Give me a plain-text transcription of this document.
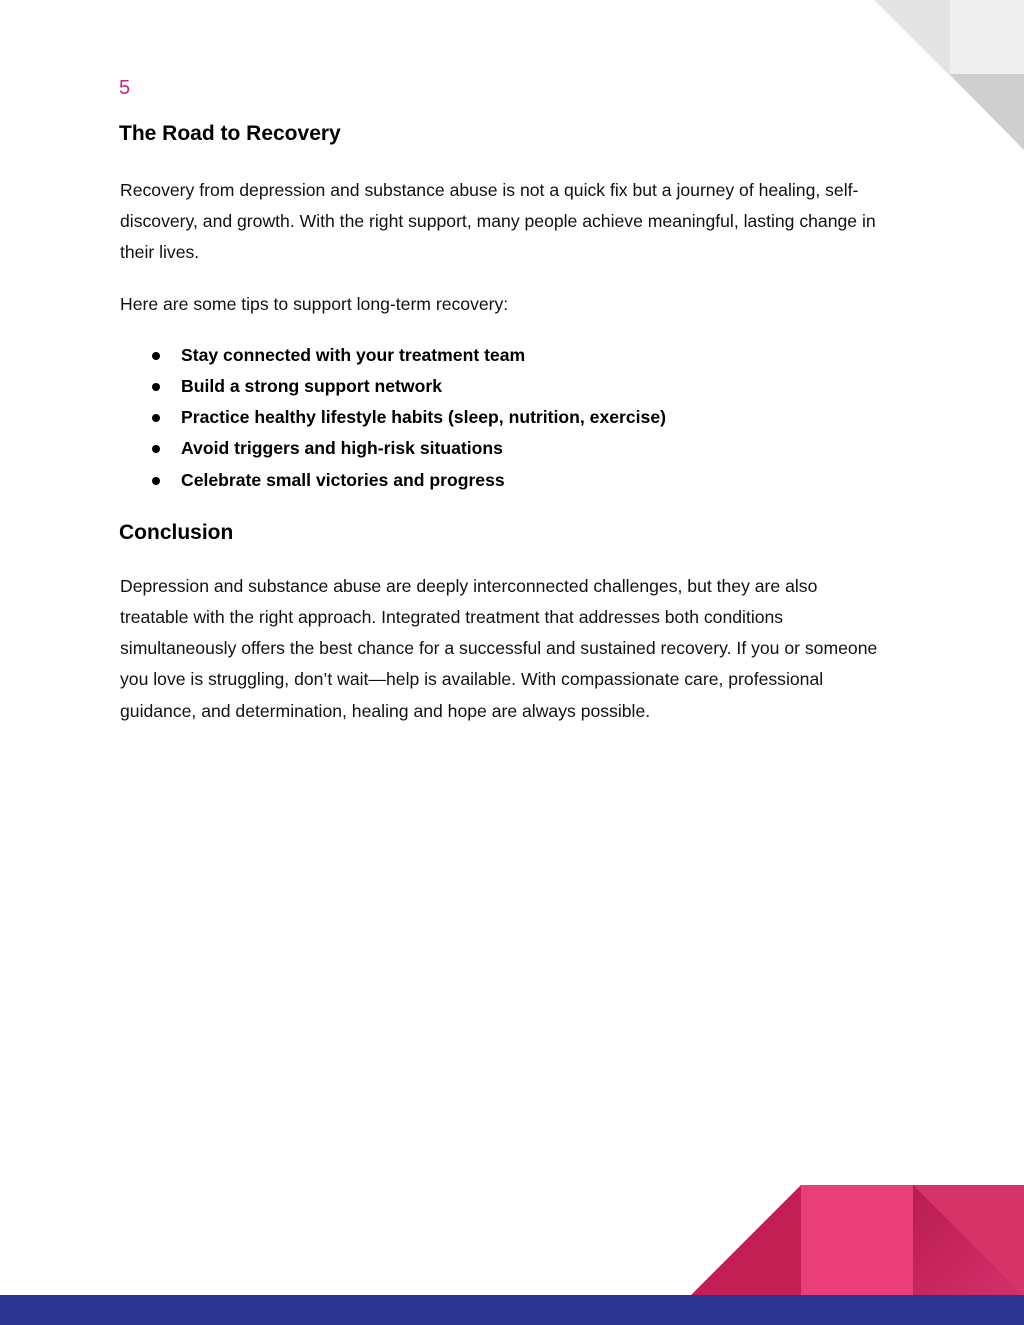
5
The Road to Recovery

Recovery from depression and substance abuse is not a quick fix but a journey of healing, self-discovery, and growth. With the right support, many people achieve meaningful, lasting change in their lives.

Here are some tips to support long-term recovery:

Stay connected with your treatment team
Build a strong support network
Practice healthy lifestyle habits (sleep, nutrition, exercise)
Avoid triggers and high-risk situations
Celebrate small victories and progress
Conclusion

Depression and substance abuse are deeply interconnected challenges, but they are also treatable with the right approach. Integrated treatment that addresses both conditions simultaneously offers the best chance for a successful and sustained recovery. If you or someone you love is struggling, don’t wait—help is available. With compassionate care, professional guidance, and determination, healing and hope are always possible.
